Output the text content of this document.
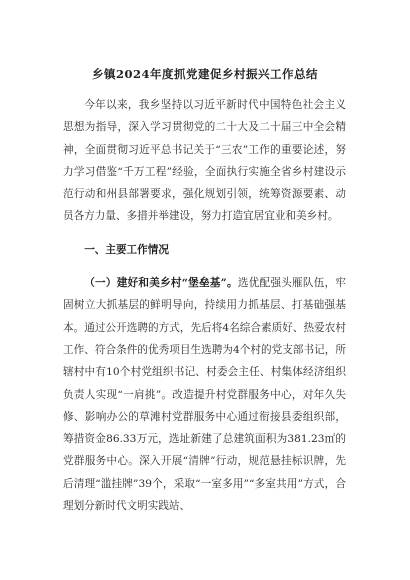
乡镇2024年度抓党建促乡村振兴工作总结

今年以来，我乡坚持以习近平新时代中国特色社会主义思想为指导，深入学习贯彻党的二十大及二十届三中全会精神，全面贯彻习近平总书记关于“三农”工作的重要论述，努力学习借鉴“千万工程”经验，全面执行实施全省乡村建设示范行动和州县部署要求，强化规划引领，统筹资源要素、动员各方力量、多措并举建设，努力打造宜居宜业和美乡村。

一、主要工作情况

（一）建好和美乡村“堡垒基”。选优配强头雁队伍，牢固树立大抓基层的鲜明导向，持续用力抓基层、打基础强基本。通过公开选聘的方式，先后将4名综合素质好、热爱农村工作、符合条件的优秀项目生选聘为4个村的党支部书记，所辖村中有10个村党组织书记、村委会主任、村集体经济组织负责人实现“一肩挑”。改造提升村党群服务中心，对年久失修、影响办公的草滩村党群服务中心通过衔接县委组织部，筹措资金86.33万元，选址新建了总建筑面积为381.23㎡的党群服务中心。深入开展“清牌”行动，规范悬挂标识牌，先后清理“滥挂牌”39个，采取“一室多用”“多室共用”方式，合理划分新时代文明实践站、
